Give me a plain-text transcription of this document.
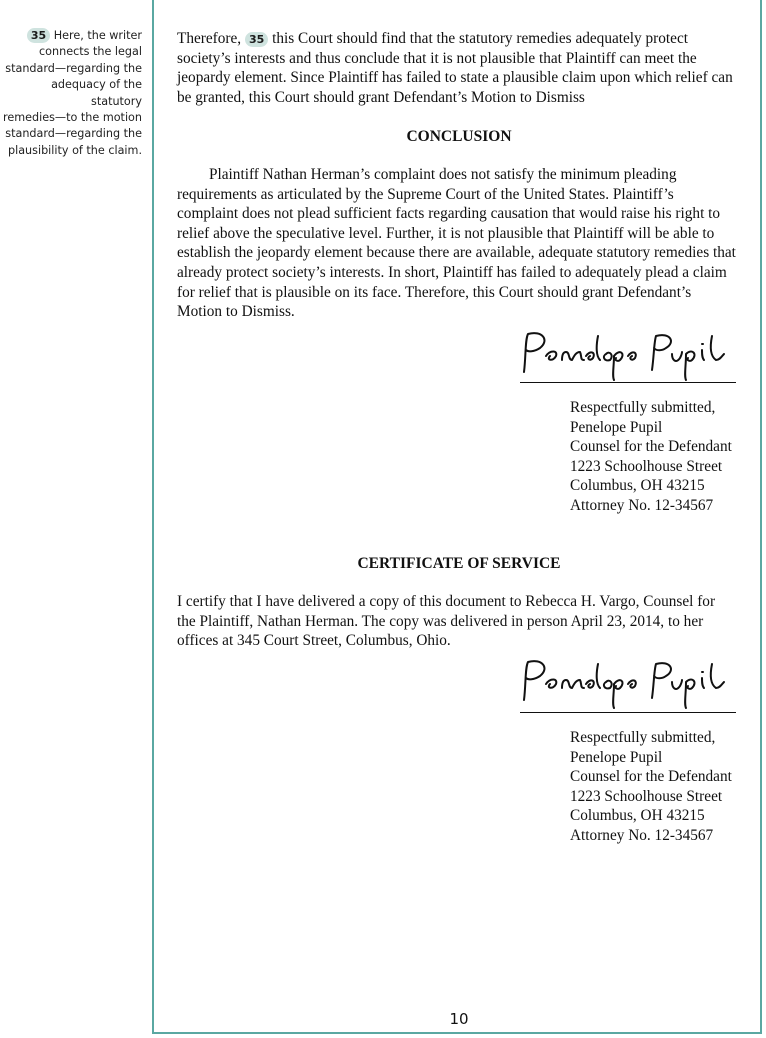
35 Here, the writer
connects the legal
standard—regarding the
adequacy of the statutory
remedies—to the motion
standard—regarding the
plausibility of the claim.
Therefore, 35 this Court should find that the statutory remedies adequately protect society’s interests and thus conclude that it is not plausible that Plaintiff can meet the jeopardy element. Since Plaintiff has failed to state a plausible claim upon which relief can be granted, this Court should grant Defendant’s Motion to Dismiss
CONCLUSION
Plaintiff Nathan Herman’s complaint does not satisfy the minimum pleading requirements as articulated by the Supreme Court of the United States. Plaintiff’s complaint does not plead sufficient facts regarding causation that would raise his right to relief above the speculative level. Further, it is not plausible that Plaintiff will be able to establish the jeopardy element because there are available, adequate statutory remedies that already protect society’s interests. In short, Plaintiff has failed to adequately plead a claim for relief that is plausible on its face. Therefore, this Court should grant Defendant’s Motion to Dismiss.
Respectfully submitted,
Penelope Pupil
Counsel for the Defendant
1223 Schoolhouse Street
Columbus, OH 43215
Attorney No. 12-34567
CERTIFICATE OF SERVICE
I certify that I have delivered a copy of this document to Rebecca H. Vargo, Counsel for the Plaintiff, Nathan Herman. The copy was delivered in person April 23, 2014, to her offices at 345 Court Street, Columbus, Ohio.
Respectfully submitted,
Penelope Pupil
Counsel for the Defendant
1223 Schoolhouse Street
Columbus, OH 43215
Attorney No. 12-34567
10
